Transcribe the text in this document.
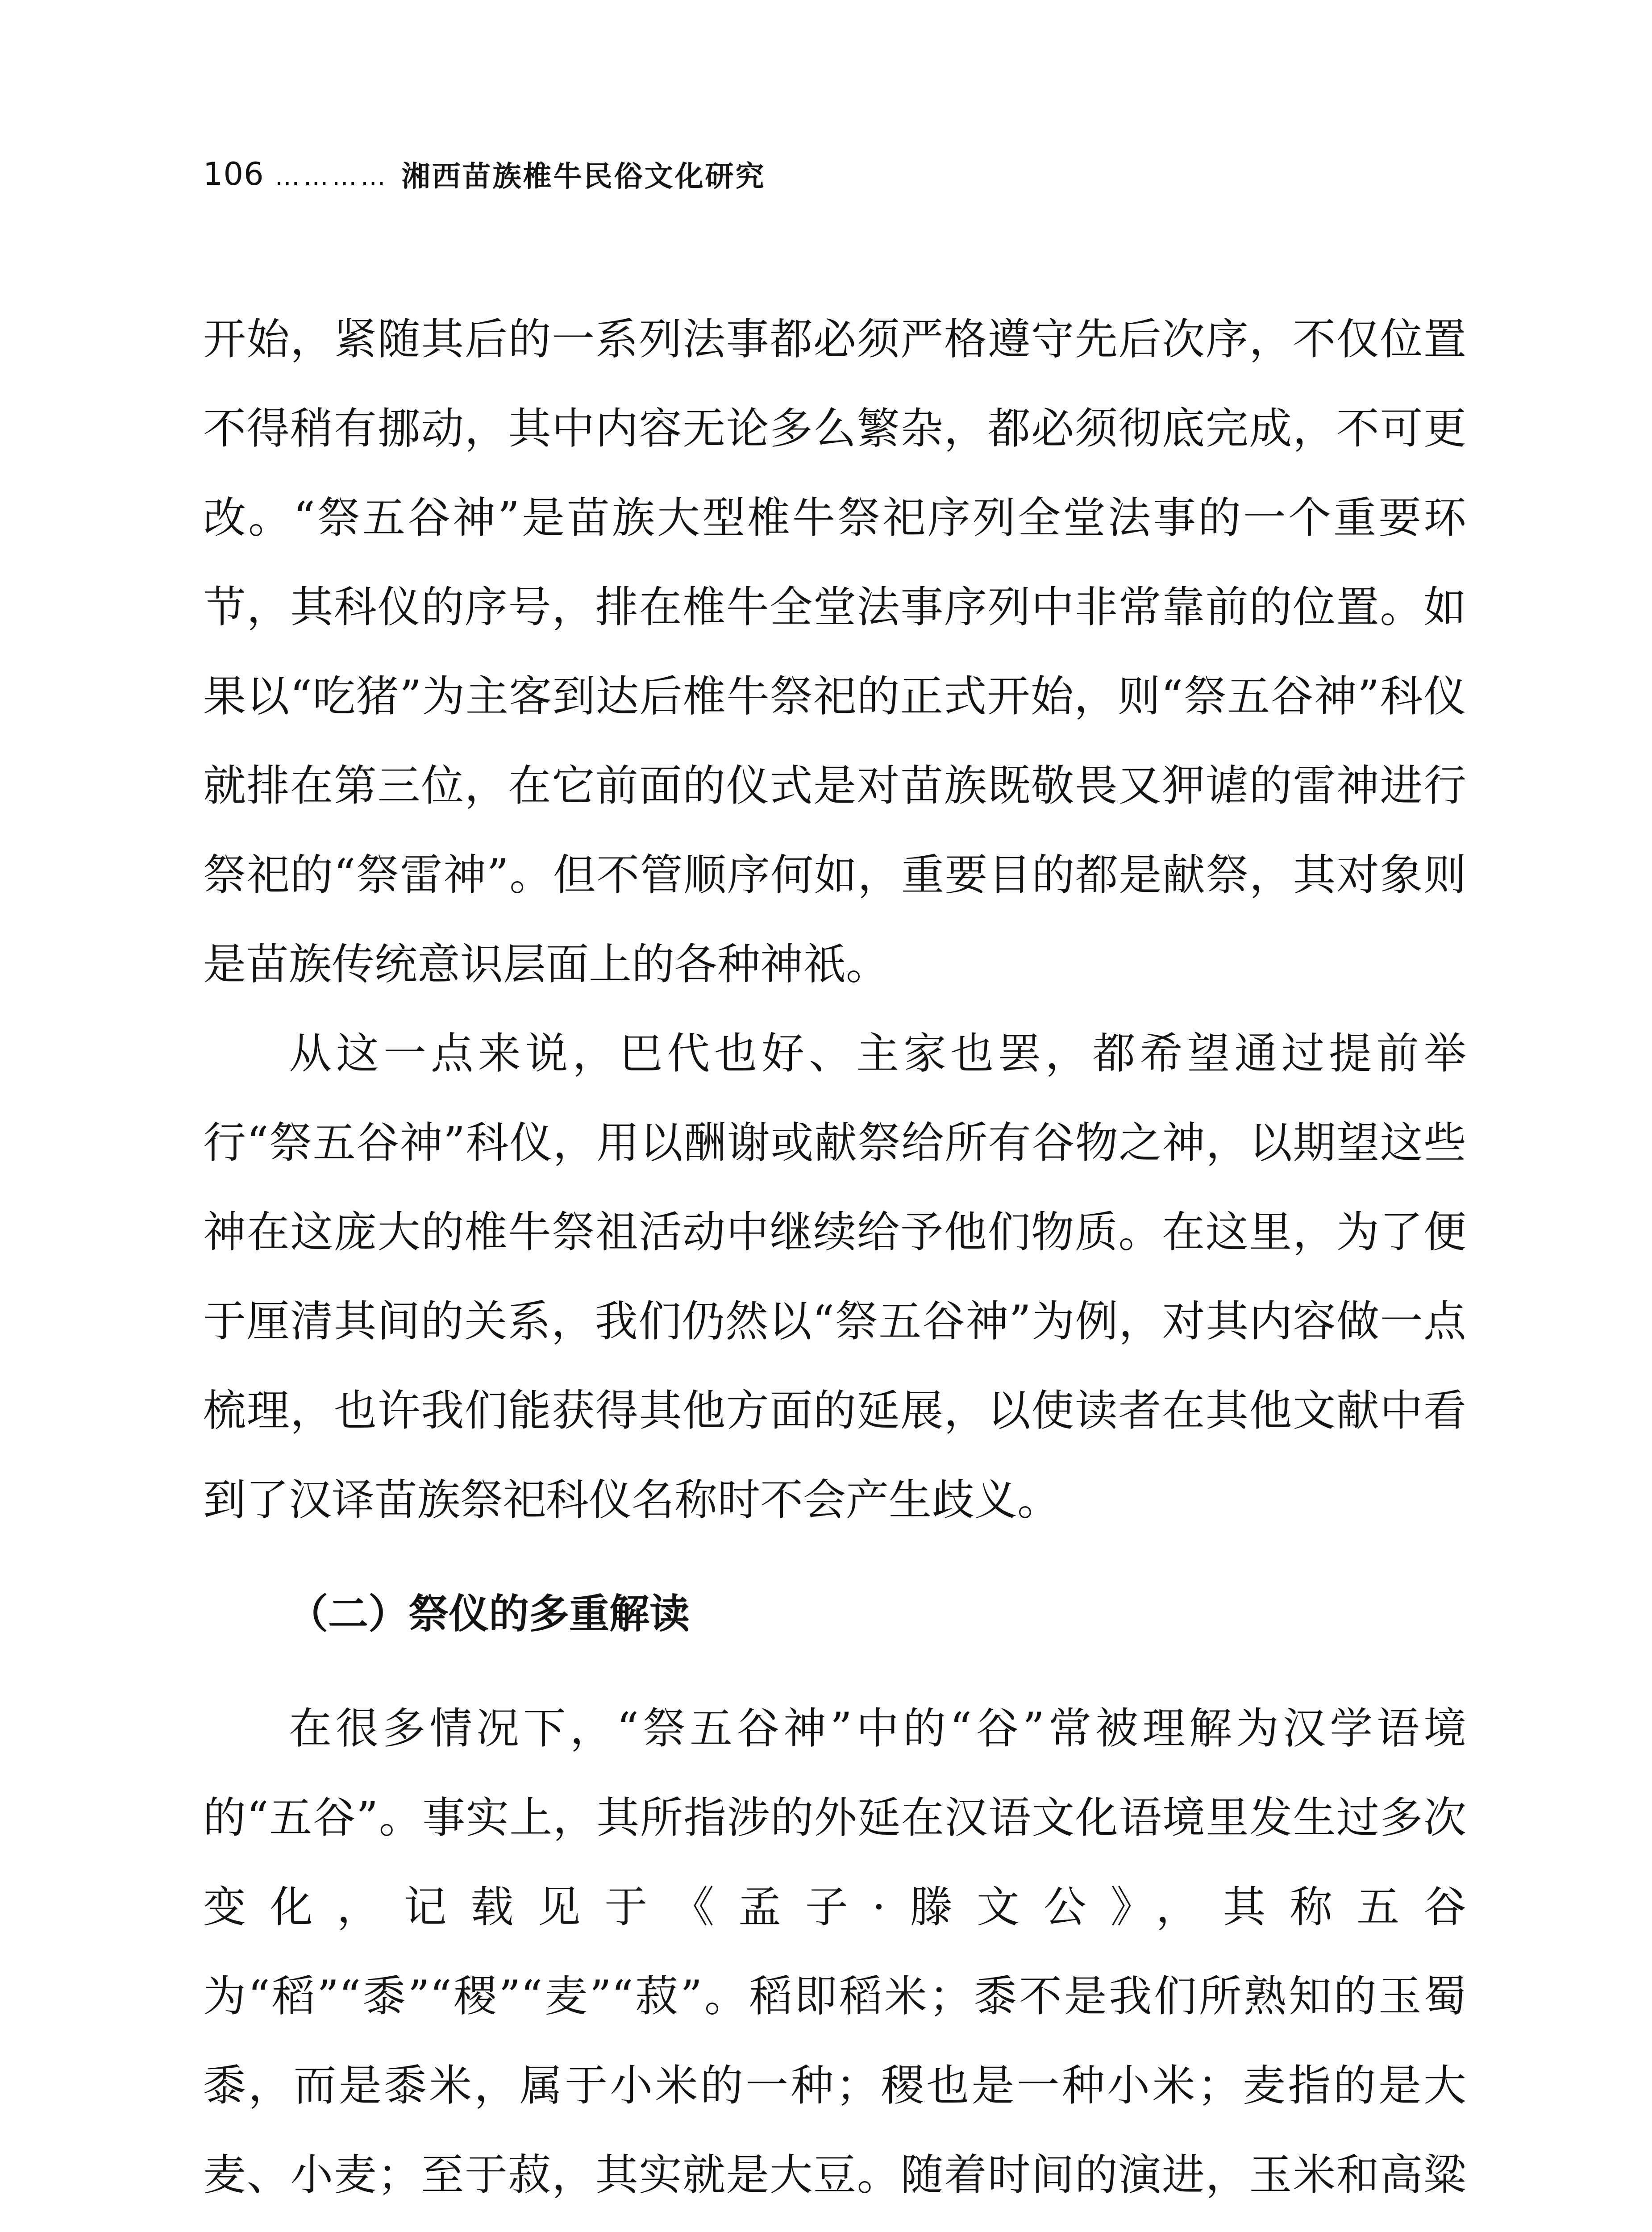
106 ………… 湘西苗族椎牛民俗文化研究

开始，紧随其后的一系列法事都必须严格遵守先后次序，不仅位置不得稍有挪动，其中内容无论多么繁杂，都必须彻底完成，不可更改。“祭五谷神”是苗族大型椎牛祭祀序列全堂法事的一个重要环节，其科仪的序号，排在椎牛全堂法事序列中非常靠前的位置。如果以“吃猪”为主客到达后椎牛祭祀的正式开始，则“祭五谷神”科仪就排在第三位，在它前面的仪式是对苗族既敬畏又狎谑的雷神进行祭祀的“祭雷神”。但不管顺序何如，重要目的都是献祭，其对象则是苗族传统意识层面上的各种神祇。

从这一点来说，巴代也好、主家也罢，都希望通过提前举行“祭五谷神”科仪，用以酬谢或献祭给所有谷物之神，以期望这些神在这庞大的椎牛祭祖活动中继续给予他们物质。在这里，为了便于厘清其间的关系，我们仍然以“祭五谷神”为例，对其内容做一点梳理，也许我们能获得其他方面的延展，以使读者在其他文献中看到了汉译苗族祭祀科仪名称时不会产生歧义。

（二）祭仪的多重解读

在很多情况下，“祭五谷神”中的“谷”常被理解为汉学语境的“五谷”。事实上，其所指涉的外延在汉语文化语境里发生过多次变化，记载见于《孟子·滕文公》，其称五谷为“稻”“黍”“稷”“麦”“菽”。稻即稻米；黍不是我们所熟知的玉蜀黍，而是黍米，属于小米的一种；稷也是一种小米；麦指的是大麦、小麦；至于菽，其实就是大豆。随着时间的演进，玉米和高粱
